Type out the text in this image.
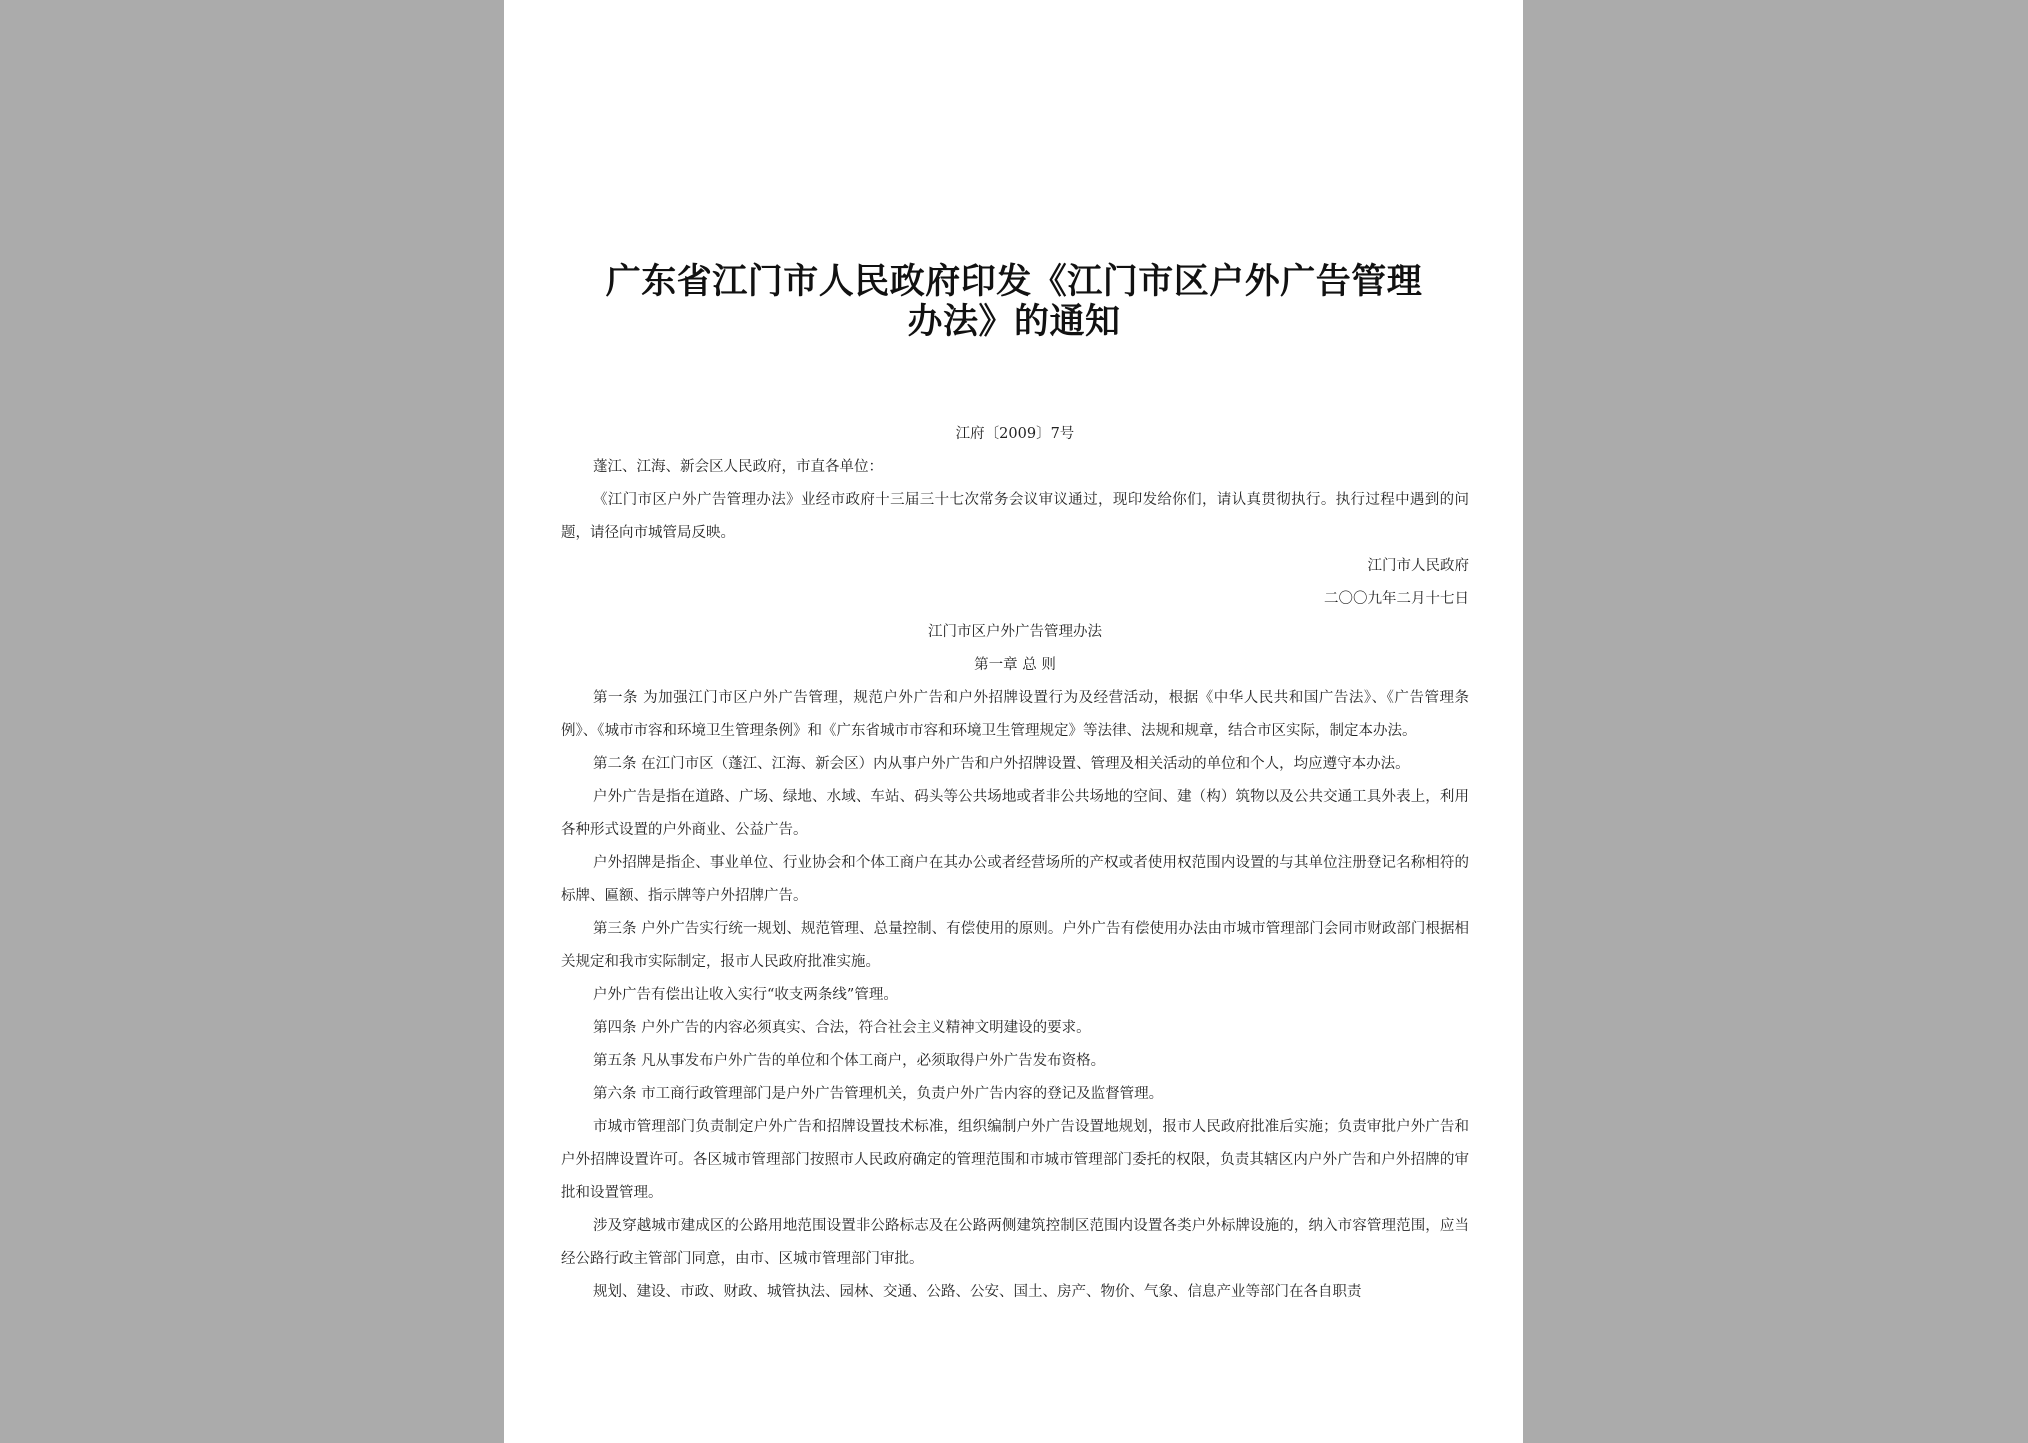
广东省江门市人民政府印发《江门市区户外广告管理
办法》的通知

江府〔2009〕7号

蓬江、江海、新会区人民政府，市直各单位：

《江门市区户外广告管理办法》业经市政府十三届三十七次常务会议审议通过，现印发给你们，请认真贯彻执行。执行过程中遇到的问题，请径向市城管局反映。

江门市人民政府

二〇〇九年二月十七日

江门市区户外广告管理办法

第一章 总 则

第一条 为加强江门市区户外广告管理，规范户外广告和户外招牌设置行为及经营活动，根据《中华人民共和国广告法》、《广告管理条例》、《城市市容和环境卫生管理条例》和《广东省城市市容和环境卫生管理规定》等法律、法规和规章，结合市区实际，制定本办法。

第二条 在江门市区（蓬江、江海、新会区）内从事户外广告和户外招牌设置、管理及相关活动的单位和个人，均应遵守本办法。

户外广告是指在道路、广场、绿地、水域、车站、码头等公共场地或者非公共场地的空间、建（构）筑物以及公共交通工具外表上，利用各种形式设置的户外商业、公益广告。

户外招牌是指企、事业单位、行业协会和个体工商户在其办公或者经营场所的产权或者使用权范围内设置的与其单位注册登记名称相符的标牌、匾额、指示牌等户外招牌广告。

第三条 户外广告实行统一规划、规范管理、总量控制、有偿使用的原则。户外广告有偿使用办法由市城市管理部门会同市财政部门根据相关规定和我市实际制定，报市人民政府批准实施。

户外广告有偿出让收入实行“收支两条线”管理。

第四条 户外广告的内容必须真实、合法，符合社会主义精神文明建设的要求。

第五条 凡从事发布户外广告的单位和个体工商户，必须取得户外广告发布资格。

第六条 市工商行政管理部门是户外广告管理机关，负责户外广告内容的登记及监督管理。

市城市管理部门负责制定户外广告和招牌设置技术标准，组织编制户外广告设置地规划，报市人民政府批准后实施；负责审批户外广告和户外招牌设置许可。各区城市管理部门按照市人民政府确定的管理范围和市城市管理部门委托的权限，负责其辖区内户外广告和户外招牌的审批和设置管理。

涉及穿越城市建成区的公路用地范围设置非公路标志及在公路两侧建筑控制区范围内设置各类户外标牌设施的，纳入市容管理范围，应当经公路行政主管部门同意，由市、区城市管理部门审批。

规划、建设、市政、财政、城管执法、园林、交通、公路、公安、国土、房产、物价、气象、信息产业等部门在各自职责
